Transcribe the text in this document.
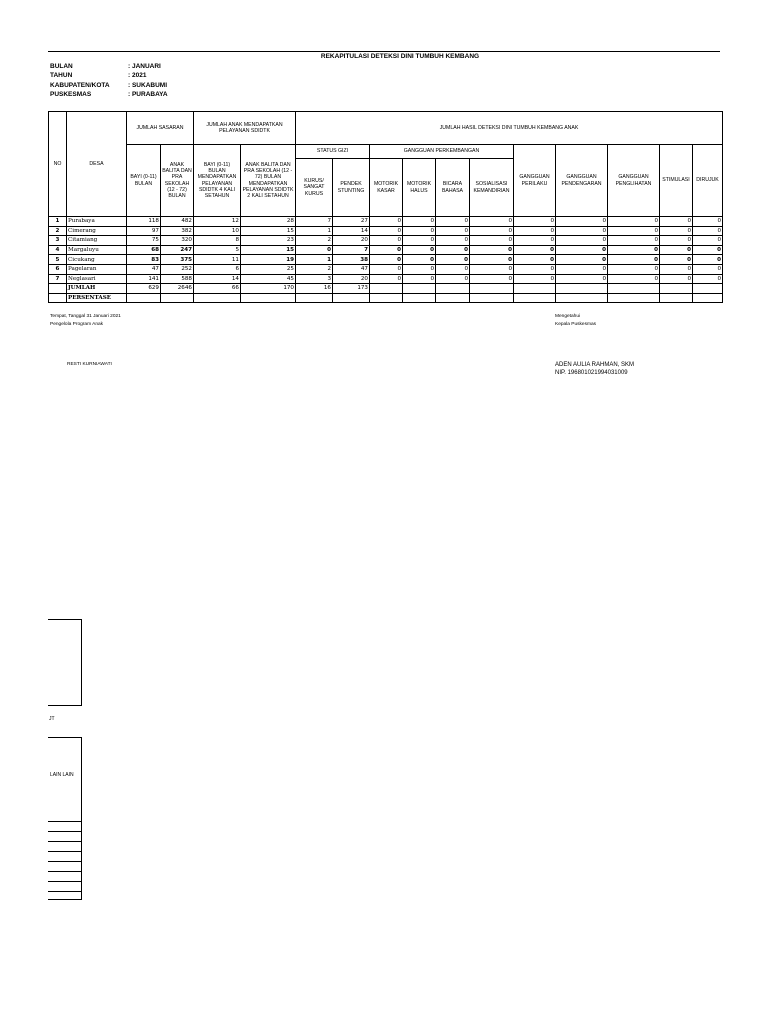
REKAPITULASI DETEKSI DINI TUMBUH KEMBANG
BULAN	: JANUARI
TAHUN	: 2021
KABUPATEN/KOTA	: SUKABUMI
PUSKESMAS	: PURABAYA
NO	DESA	JUMLAH SASARAN		JUMLAH ANAK MENDAPATKAN PELAYANAN SDIDTK		JUMLAH HASIL DETEKSI DINI TUMBUH KEMBANG ANAK	
		BAYI (0-11) BULAN	ANAK BALITA DAN PRA SEKOLAH (12 - 72) BULAN	BAYI (0-11) BULAN MENDAPATKAN PELAYANAN SDIDTK 4 KALI SETAHUN	ANAK BALITA DAN PRA SEKOLAH (12 - 72) BULAN MENDAPATKAN PELAYANAN SDIDTK 2 KALI SETAHUN	STATUS GIZI		GANGGUAN PERKEMBANGAN				GANGGUAN PERILAKU	GANGGUAN PENDENGARAN	GANGGUAN PENGLIHATAN	STIMULASI	DIRUJUK	
						KURUS/ SANGAT KURUS	PENDEK STUNTING	MOTORIK KASAR	MOTORIK HALUS	BICARA BAHASA	SOSIALISASI KEMANDIRIAN						
1	Purabaya	118	482	12	28	7	27	0	0	0	0	0	0	0	0	0	
2	Cimerang	97	382	10	15	1	14	0	0	0	0	0	0	0	0	0	
3	Citamiang	75	320	8	23	2	20	0	0	0	0	0	0	0	0	0	
4	Margaluyu	68	247	5	15	0	7	0	0	0	0	0	0	0	0	0	
5	Cicukang	83	375	11	19	1	38	0	0	0	0	0	0	0	0	0	
6	Pagelaran	47	252	6	25	2	47	0	0	0	0	0	0	0	0	0	
7	Neglasari	141	588	14	45	3	20	0	0	0	0	0	0	0	0	0	
	JUMLAH	629	2646	66	170	16	173										
	PERSENTASE																
Tempat, Tanggal 31 Januari 2021
Pengelola Program Anak
Mengetahui
Kepala Puskesmas
RESTI KURNIAWATI	ADEN AULIA RAHMAN, SKM
NIP. 196801021994031009
JT
LAIN LAIN
